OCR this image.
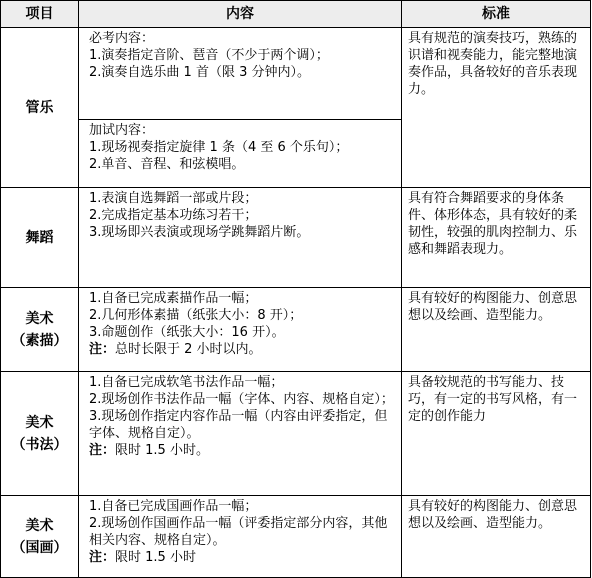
项目	内容	标准
管乐	必考内容：
1.演奏指定音阶、琶音（不少于两个调）；
2.演奏自选乐曲 1 首（限 3 分钟内）。	具有规范的演奏技巧，熟练的识谱和视奏能力，能完整地演奏作品，具备较好的音乐表现力。

	加试内容：
1.现场视奏指定旋律 1 条（4 至 6 个乐句）；
2.单音、音程、和弦模唱。	

舞蹈	1.表演自选舞蹈一部或片段；
2.完成指定基本功练习若干；
3.现场即兴表演或现场学跳舞蹈片断。	具有符合舞蹈要求的身体条件、体形体态，具有较好的柔韧性，较强的肌肉控制力、乐感和舞蹈表现力。

美术
（素描）	1.自备已完成素描作品一幅；
2.几何形体素描（纸张大小：8 开）；
3.命题创作（纸张大小：16 开）。
注：总时长限于 2 小时以内。	具有较好的构图能力、创意思想以及绘画、造型能力。

美术
（书法）	1.自备已完成软笔书法作品一幅；
2.现场创作书法作品一幅（字体、内容、规格自定）；
3.现场创作指定内容作品一幅（内容由评委指定，但字体、规格自定）。
注：限时 1.5 小时。	具备较规范的书写能力、技巧，有一定的书写风格，有一定的创作能力

美术
（国画）	1.自备已完成国画作品一幅；
2.现场创作国画作品一幅（评委指定部分内容，其他相关内容、规格自定）。
注：限时 1.5 小时	具有较好的构图能力、创意思想以及绘画、造型能力。
